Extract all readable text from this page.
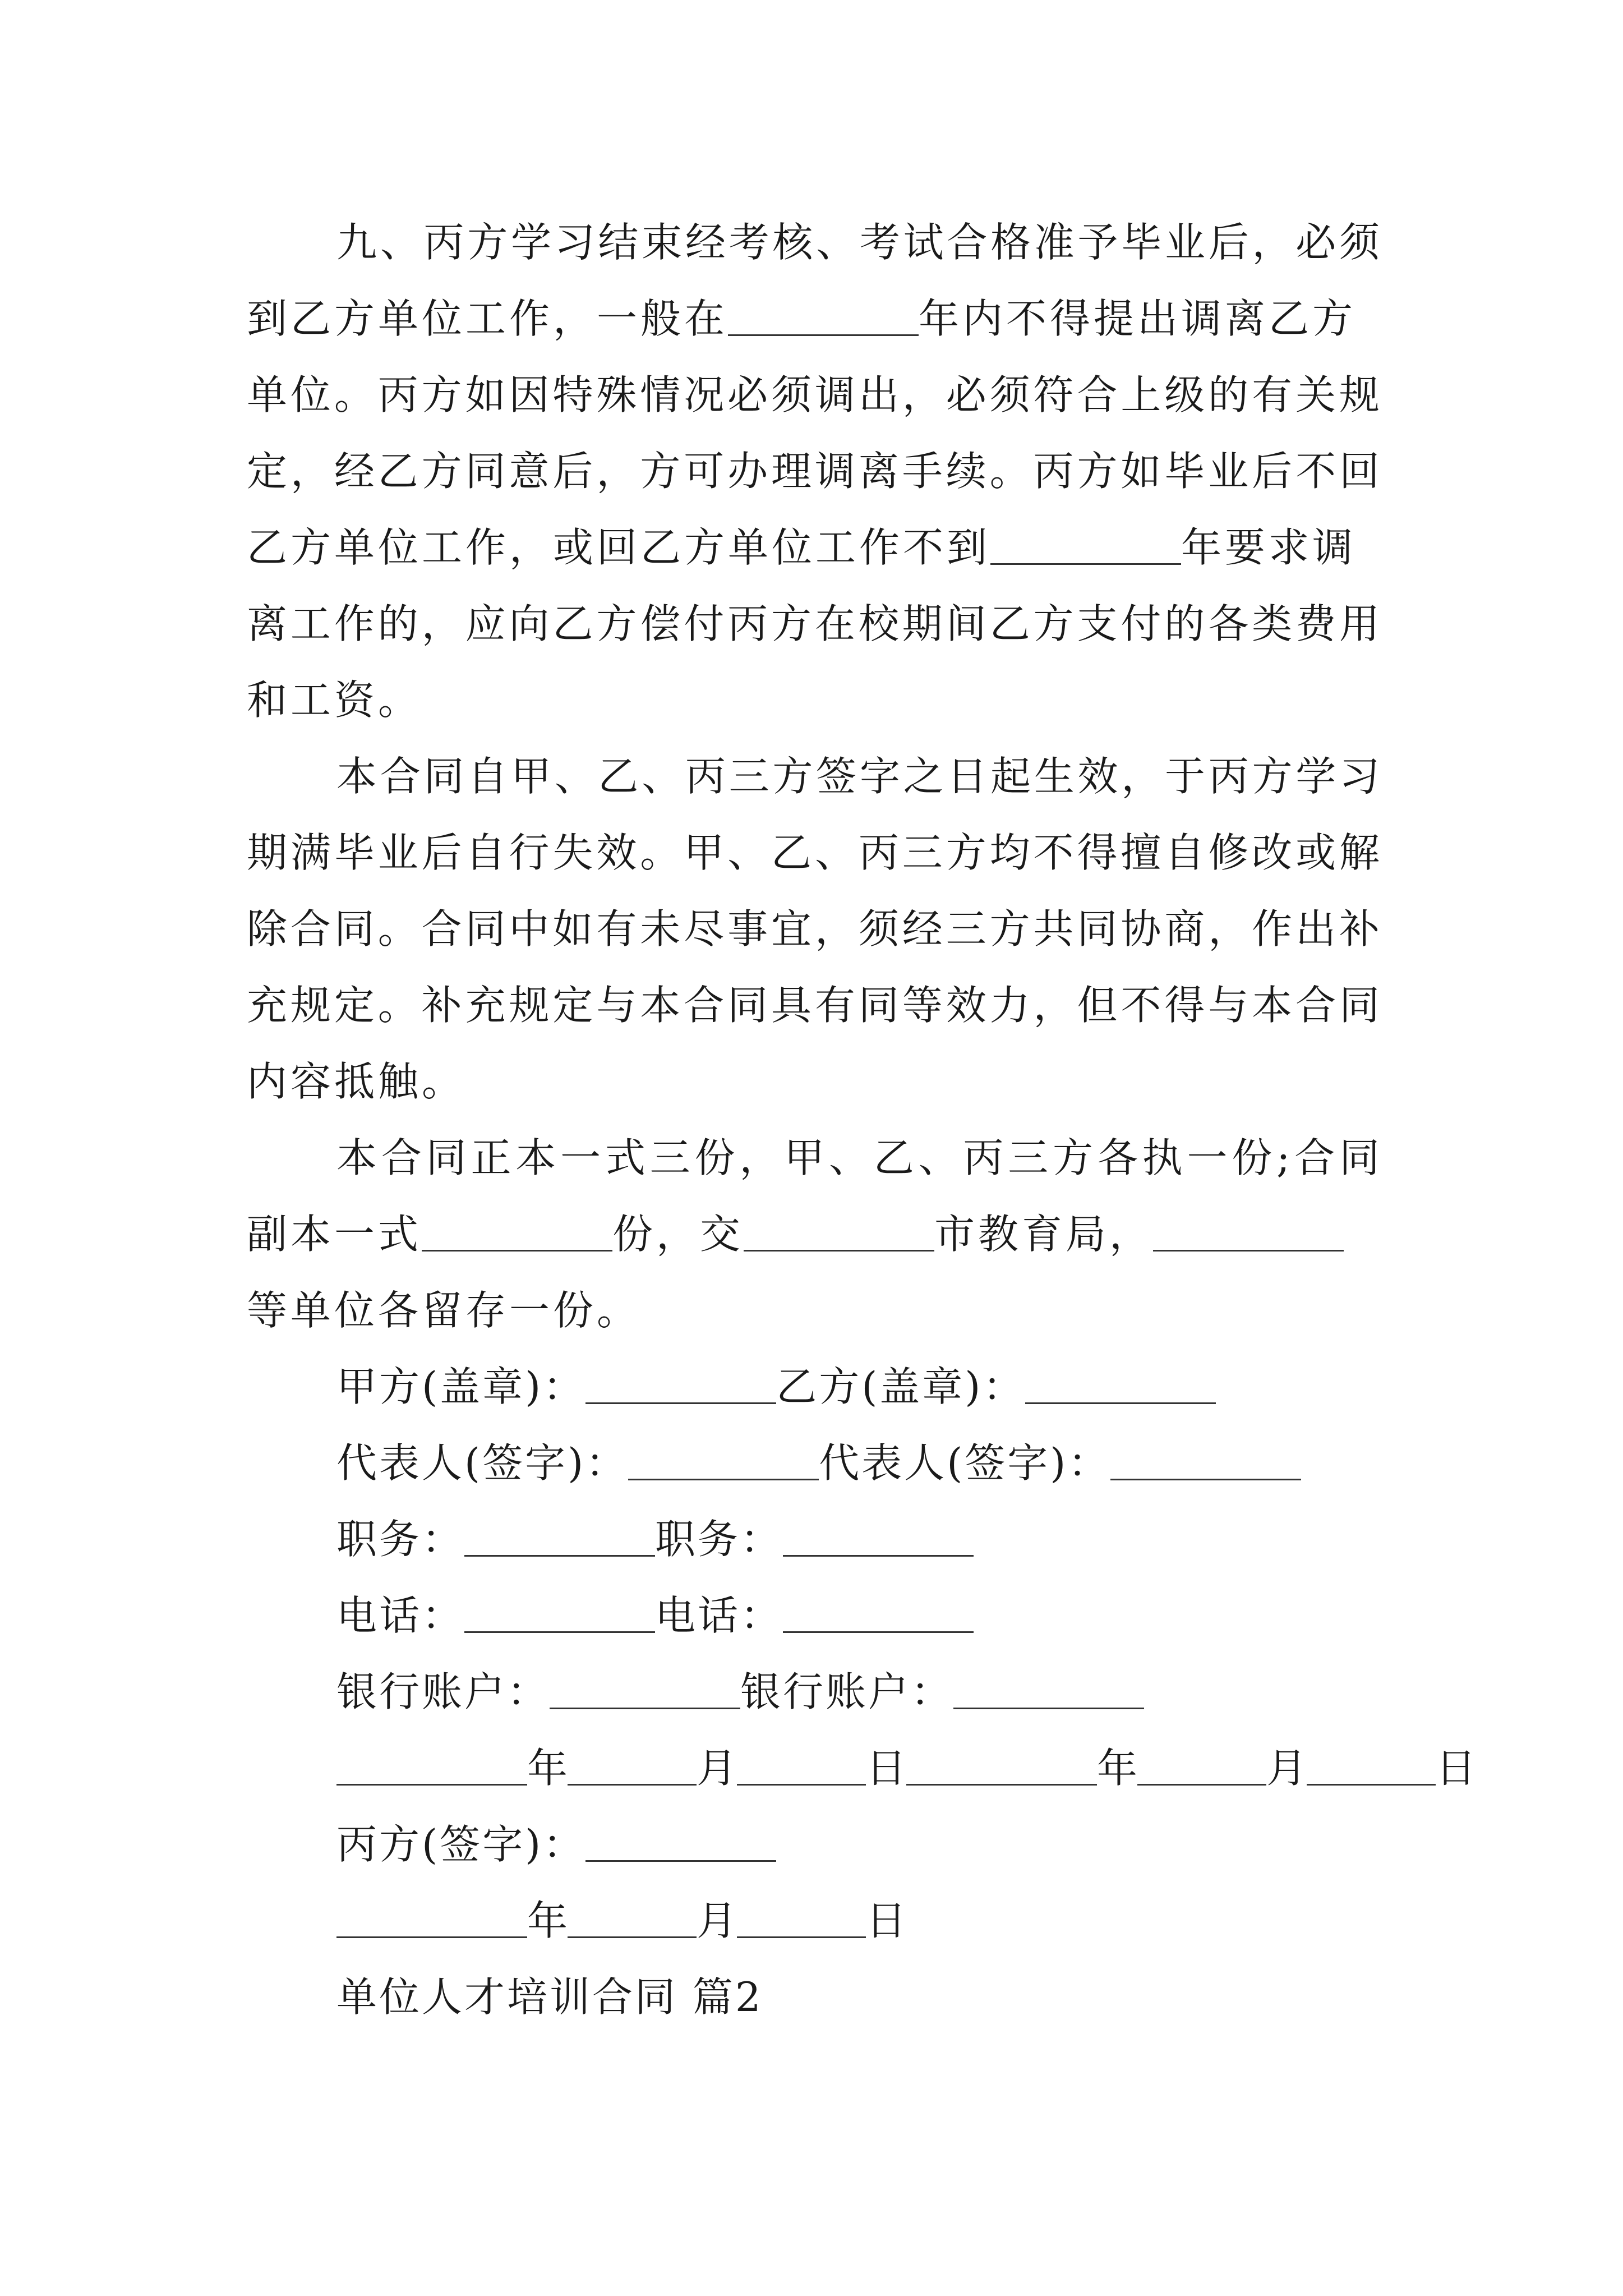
九、丙方学习结束经考核、考试合格准予毕业后，必须
到乙方单位工作，一般在	年内不得提出调离乙方
单位。丙方如因特殊情况必须调出，必须符合上级的有关规
定，经乙方同意后，方可办理调离手续。丙方如毕业后不回
乙方单位工作，或回乙方单位工作不到	年要求调
离工作的，应向乙方偿付丙方在校期间乙方支付的各类费用
和工资。
本合同自甲、乙、丙三方签字之日起生效，于丙方学习
期满毕业后自行失效。甲、乙、丙三方均不得擅自修改或解
除合同。合同中如有未尽事宜，须经三方共同协商，作出补
充规定。补充规定与本合同具有同等效力，但不得与本合同
内容抵触。
本合同正本一式三份，甲、乙、丙三方各执一份;合同
副本一式	份，交	市教育局，
等单位各留存一份。
甲方(盖章)：	乙方(盖章)：
代表人(签字)：	代表人(签字)：
职务：	职务：
电话：	电话：
银行账户：	银行账户：
年	月	日	年	月	日
丙方(签字)：
年	月	日
单位人才培训合同 篇2
